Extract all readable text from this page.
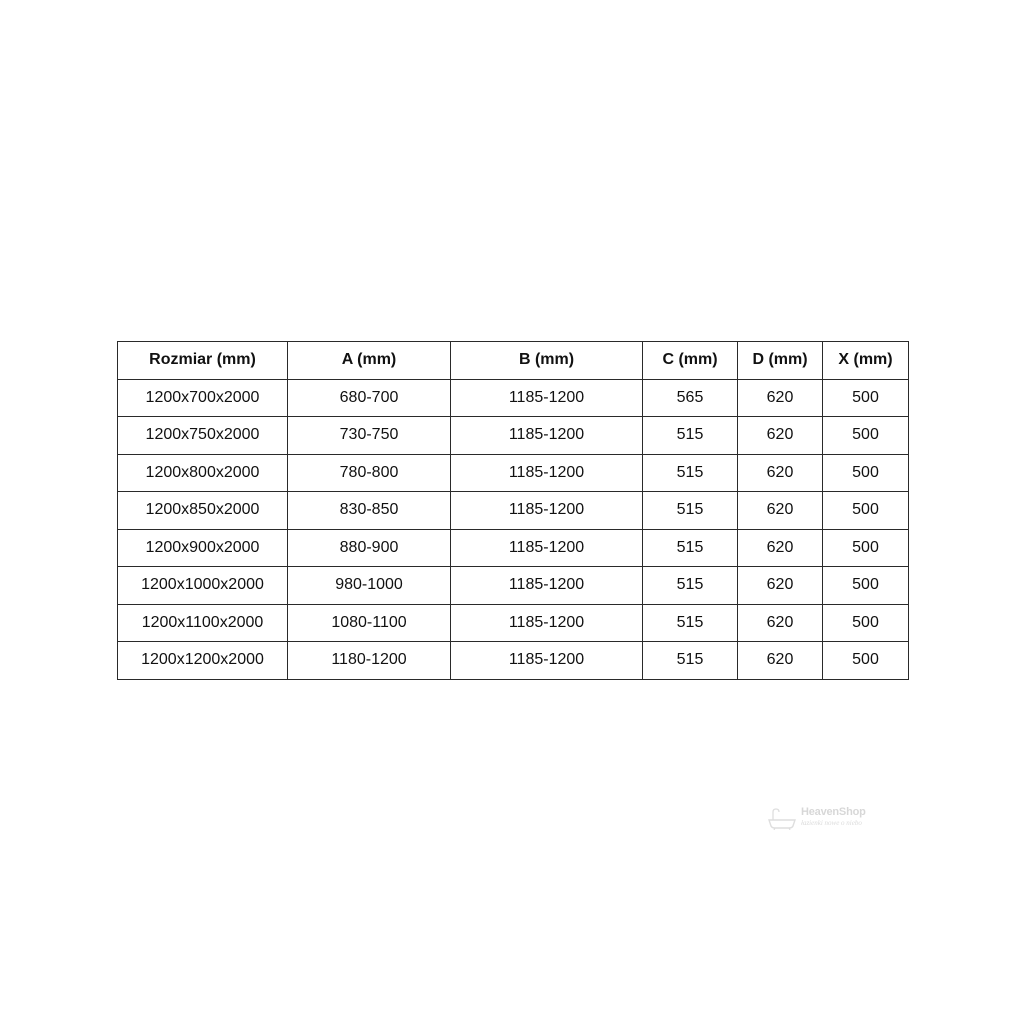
Rozmiar (mm)	A (mm)	B (mm)	C (mm)	D (mm)	X (mm)
1200x700x2000	680-700	1185-1200	565	620	500
1200x750x2000	730-750	1185-1200	515	620	500
1200x800x2000	780-800	1185-1200	515	620	500
1200x850x2000	830-850	1185-1200	515	620	500
1200x900x2000	880-900	1185-1200	515	620	500
1200x1000x2000	980-1000	1185-1200	515	620	500
1200x1100x2000	1080-1100	1185-1200	515	620	500
1200x1200x2000	1180-1200	1185-1200	515	620	500
HeavenShop
łazienki nowe o niebo
